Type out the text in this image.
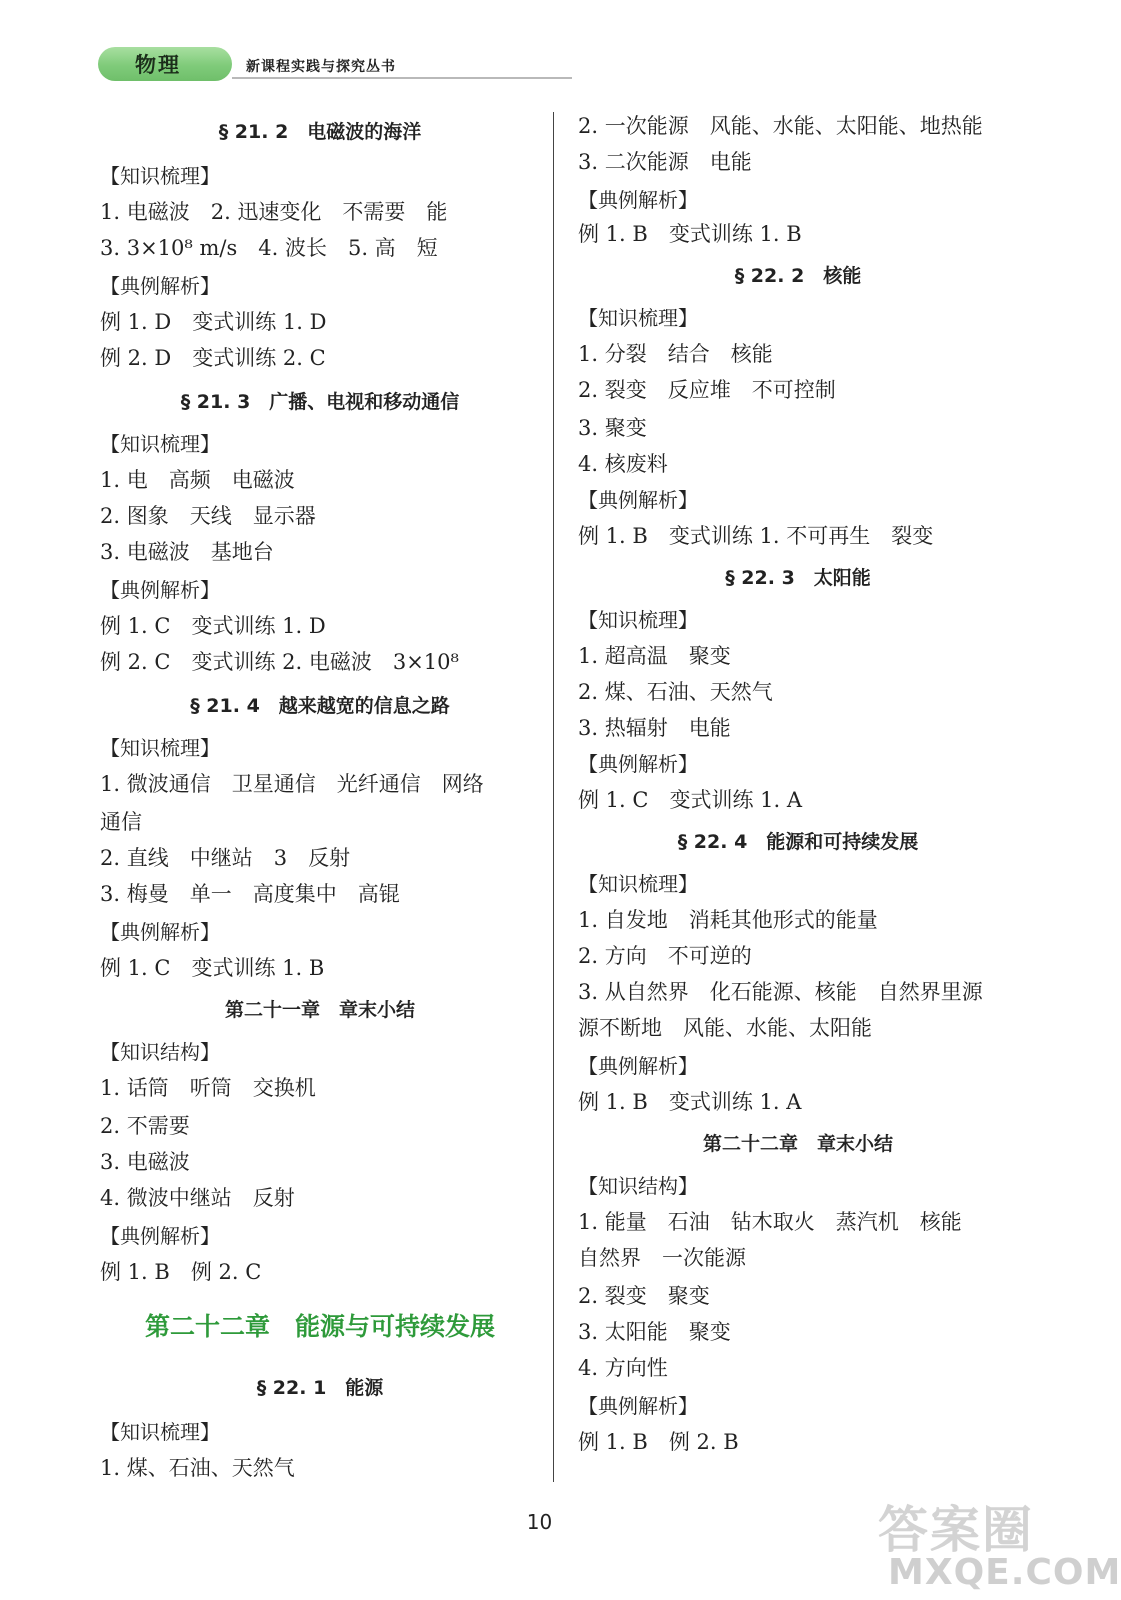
物理	新课程实践与探究丛书
§ 21. 2　电磁波的海洋
【知识梳理】
1. 电磁波　2. 迅速变化　不需要　能
3. 3×10⁸ m/s　4. 波长　5. 高　短
【典例解析】
例 1. D　变式训练 1. D
例 2. D　变式训练 2. C
§ 21. 3　广播、电视和移动通信
【知识梳理】
1. 电　高频　电磁波
2. 图象　天线　显示器
3. 电磁波　基地台
【典例解析】
例 1. C　变式训练 1. D
例 2. C　变式训练 2. 电磁波　3×10⁸
§ 21. 4　越来越宽的信息之路
【知识梳理】
1. 微波通信　卫星通信　光纤通信　网络
通信
2. 直线　中继站　3　反射
3. 梅曼　单一　高度集中　高锟
【典例解析】
例 1. C　变式训练 1. B
第二十一章　章末小结
【知识结构】
1. 话筒　听筒　交换机
2. 不需要
3. 电磁波
4. 微波中继站　反射
【典例解析】
例 1. B　例 2. C
第二十二章　能源与可持续发展
§ 22. 1　能源
【知识梳理】
1. 煤、石油、天然气
2. 一次能源　风能、水能、太阳能、地热能
3. 二次能源　电能
【典例解析】
例 1. B　变式训练 1. B
§ 22. 2　核能
【知识梳理】
1. 分裂　结合　核能
2. 裂变　反应堆　不可控制
3. 聚变
4. 核废料
【典例解析】
例 1. B　变式训练 1. 不可再生　裂变
§ 22. 3　太阳能
【知识梳理】
1. 超高温　聚变
2. 煤、石油、天然气
3. 热辐射　电能
【典例解析】
例 1. C　变式训练 1. A
§ 22. 4　能源和可持续发展
【知识梳理】
1. 自发地　消耗其他形式的能量
2. 方向　不可逆的
3. 从自然界　化石能源、核能　自然界里源
源不断地　风能、水能、太阳能
【典例解析】
例 1. B　变式训练 1. A
第二十二章　章末小结
【知识结构】
1. 能量　石油　钻木取火　蒸汽机　核能
自然界　一次能源
2. 裂变　聚变
3. 太阳能　聚变
4. 方向性
【典例解析】
例 1. B　例 2. B
10	答案圈
MXQE.COM
